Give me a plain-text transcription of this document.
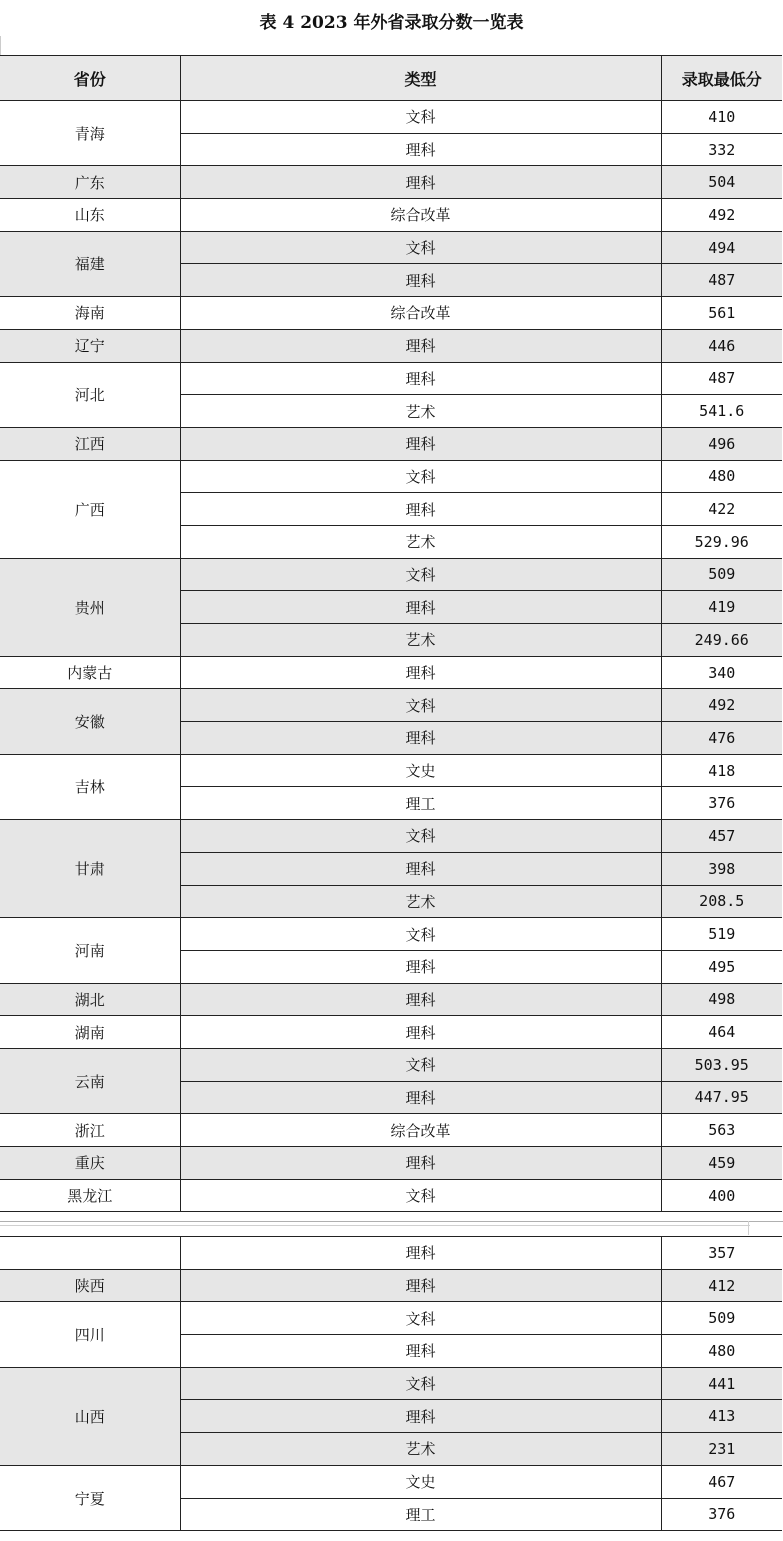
表 4 2023 年外省录取分数一览表
省份	类型	录取最低分
青海	文科	410
	理科	332
广东	理科	504
山东	综合改革	492
福建	文科	494
	理科	487
海南	综合改革	561
辽宁	理科	446
河北	理科	487
	艺术	541.6
江西	理科	496
广西	文科	480
	理科	422
	艺术	529.96
贵州	文科	509
	理科	419
	艺术	249.66
内蒙古	理科	340
安徽	文科	492
	理科	476
吉林	文史	418
	理工	376
甘肃	文科	457
	理科	398
	艺术	208.5
河南	文科	519
	理科	495
湖北	理科	498
湖南	理科	464
云南	文科	503.95
	理科	447.95
浙江	综合改革	563
重庆	理科	459
黑龙江	文科	400
	理科	357
陕西	理科	412
四川	文科	509
	理科	480
山西	文科	441
	理科	413
	艺术	231
宁夏	文史	467
	理工	376
